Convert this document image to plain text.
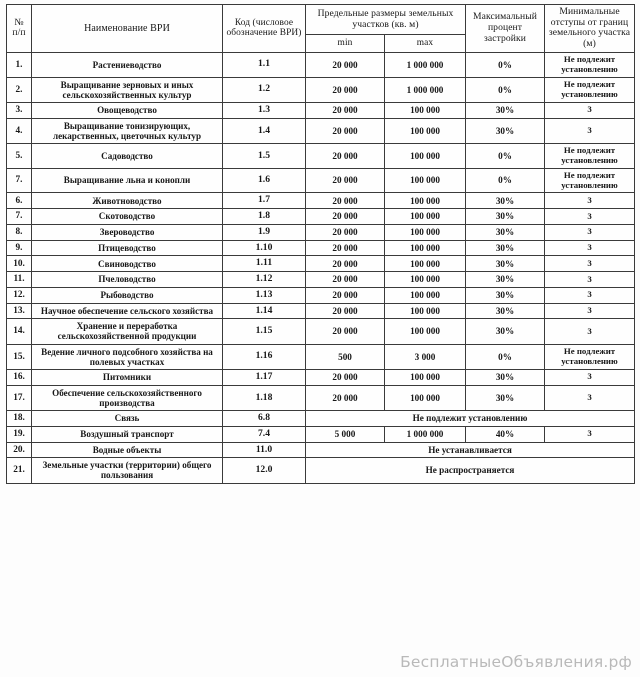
№
п/п	Наименование ВРИ	Код (числовое обозначение ВРИ)	Предельные размеры земельных участков (кв. м)		Максимальный процент застройки	Минимальные отступы от границ земельного участка (м)
			min	max		
1.	Растениеводство	1.1	20 000	1 000 000	0%	Не подлежит установлению
2.	Выращивание зерновых и иных сельскохозяйственных культур	1.2	20 000	1 000 000	0%	Не подлежит установлению
3.	Овощеводство	1.3	20 000	100 000	30%	3
4.	Выращивание тонизирующих, лекарственных, цветочных культур	1.4	20 000	100 000	30%	3
5.	Садоводство	1.5	20 000	100 000	0%	Не подлежит установлению
7.	Выращивание льна и конопли	1.6	20 000	100 000	0%	Не подлежит установлению
6.	Животноводство	1.7	20 000	100 000	30%	3
7.	Скотоводство	1.8	20 000	100 000	30%	3
8.	Звероводство	1.9	20 000	100 000	30%	3
9.	Птицеводство	1.10	20 000	100 000	30%	3
10.	Свиноводство	1.11	20 000	100 000	30%	3
11.	Пчеловодство	1.12	20 000	100 000	30%	3
12.	Рыбоводство	1.13	20 000	100 000	30%	3
13.	Научное обеспечение сельского хозяйства	1.14	20 000	100 000	30%	3
14.	Хранение и переработка сельскохозяйственной продукции	1.15	20 000	100 000	30%	3
15.	Ведение личного подсобного хозяйства на полевых участках	1.16	500	3 000	0%	Не подлежит установлению
16.	Питомники	1.17	20 000	100 000	30%	3
17.	Обеспечение сельскохозяйственного производства	1.18	20 000	100 000	30%	3
18.	Связь	6.8	Не подлежит установлению			
19.	Воздушный транспорт	7.4	5 000	1 000 000	40%	3
20.	Водные объекты	11.0	Не устанавливается			
21.	Земельные участки (территории) общего пользования	12.0	Не распространяется			
БесплатныеОбъявления.рф
